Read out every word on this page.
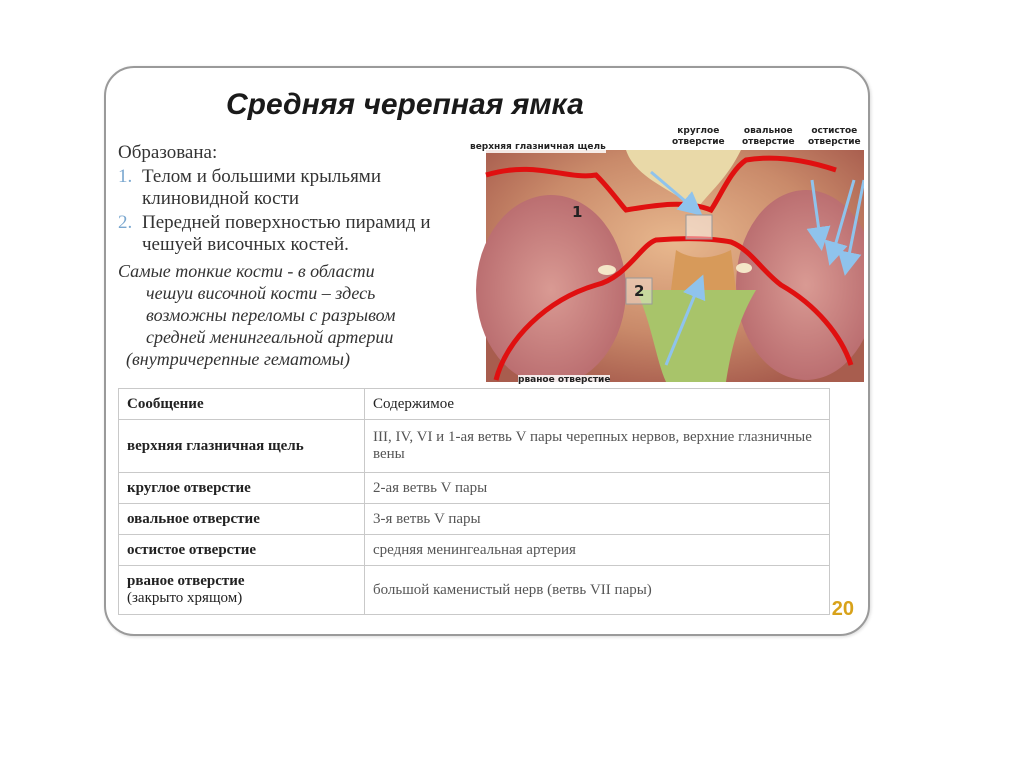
Средняя черепная ямка

Образована:

1. Телом и большими крыльями клиновидной кости
2. Передней поверхностью пирамид и чешуей височных костей.
Самые тонкие кости - в области
чешуи височной кости – здесь
возможны переломы с разрывом
средней менингеальной артерии
(внутричерепные гематомы)
1
2
верхняя глазничная щель
круглое
отверстие
овальное
отверстие
остистое
отверстие
рваное отверстие
Сообщение	Содержимое
верхняя глазничная щель	III, IV, VI и 1-ая ветвь V пары черепных нервов, верхние глазничные вены
круглое отверстие	2-ая ветвь V пары
овальное отверстие	3-я ветвь V пары
остистое отверстие	средняя менингеальная артерия
рваное отверстие
(закрыто хрящом)	большой каменистый нерв (ветвь VII пары)
20
